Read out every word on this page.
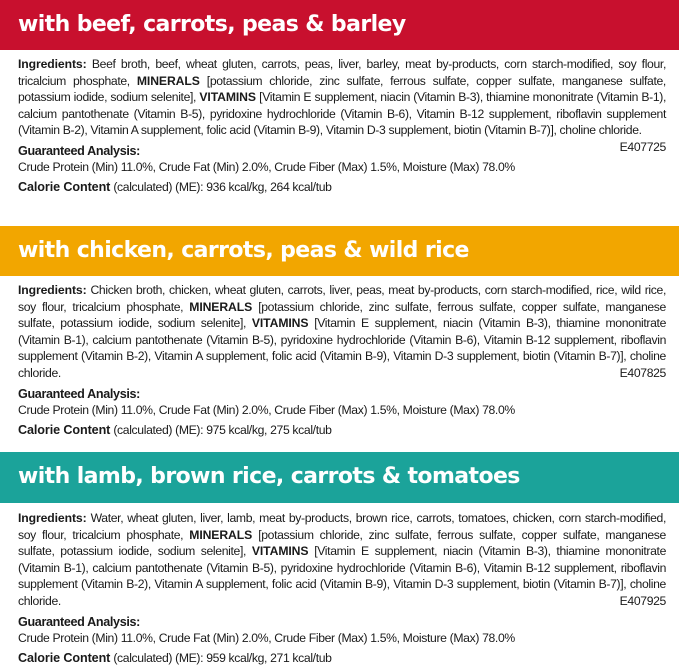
with beef, carrots, peas & barley

Ingredients: Beef broth, beef, wheat gluten, carrots, peas, liver, barley, meat by-products, corn starch-modified, soy flour, tricalcium phosphate, MINERALS [potassium chloride, zinc sulfate, ferrous sulfate, copper sulfate, manganese sulfate, potassium iodide, sodium selenite], VITAMINS [Vitamin E supplement, niacin (Vitamin B-3), thiamine mononitrate (Vitamin B-1), calcium pantothenate (Vitamin B-5), pyridoxine hydrochloride (Vitamin B-6), Vitamin B-12 supplement, riboflavin supplement (Vitamin B-2), Vitamin A supplement, folic acid (Vitamin B-9), Vitamin D-3 supplement, biotin (Vitamin B-7)], choline chloride.
E407725

Guaranteed Analysis:
Crude Protein (Min) 11.0%, Crude Fat (Min) 2.0%, Crude Fiber (Max) 1.5%, Moisture (Max) 78.0%
Calorie Content (calculated) (ME): 936 kcal/kg, 264 kcal/tub
with chicken, carrots, peas & wild rice

Ingredients: Chicken broth, chicken, wheat gluten, carrots, liver, peas, meat by-products, corn starch-modified, rice, wild rice, soy flour, tricalcium phosphate, MINERALS [potassium chloride, zinc sulfate, ferrous sulfate, copper sulfate, manganese sulfate, potassium iodide, sodium selenite], VITAMINS [Vitamin E supplement, niacin (Vitamin B-3), thiamine mononitrate (Vitamin B-1), calcium pantothenate (Vitamin B-5), pyridoxine hydrochloride (Vitamin B-6), Vitamin B-12 supplement, riboflavin supplement (Vitamin B-2), Vitamin A supplement, folic acid (Vitamin B-9), Vitamin D-3 supplement, biotin (Vitamin B-7)], choline chloride.	E407825

Guaranteed Analysis:
Crude Protein (Min) 11.0%, Crude Fat (Min) 2.0%, Crude Fiber (Max) 1.5%, Moisture (Max) 78.0%
Calorie Content (calculated) (ME): 975 kcal/kg, 275 kcal/tub
with lamb, brown rice, carrots & tomatoes

Ingredients: Water, wheat gluten, liver, lamb, meat by-products, brown rice, carrots, tomatoes, chicken, corn starch-modified, soy flour, tricalcium phosphate, MINERALS [potassium chloride, zinc sulfate, ferrous sulfate, copper sulfate, manganese sulfate, potassium iodide, sodium selenite], VITAMINS [Vitamin E supplement, niacin (Vitamin B-3), thiamine mononitrate (Vitamin B-1), calcium pantothenate (Vitamin B-5), pyridoxine hydrochloride (Vitamin B-6), Vitamin B-12 supplement, riboflavin supplement (Vitamin B-2), Vitamin A supplement, folic acid (Vitamin B-9), Vitamin D-3 supplement, biotin (Vitamin B-7)], choline chloride.	E407925

Guaranteed Analysis:
Crude Protein (Min) 11.0%, Crude Fat (Min) 2.0%, Crude Fiber (Max) 1.5%, Moisture (Max) 78.0%
Calorie Content (calculated) (ME): 959 kcal/kg, 271 kcal/tub
